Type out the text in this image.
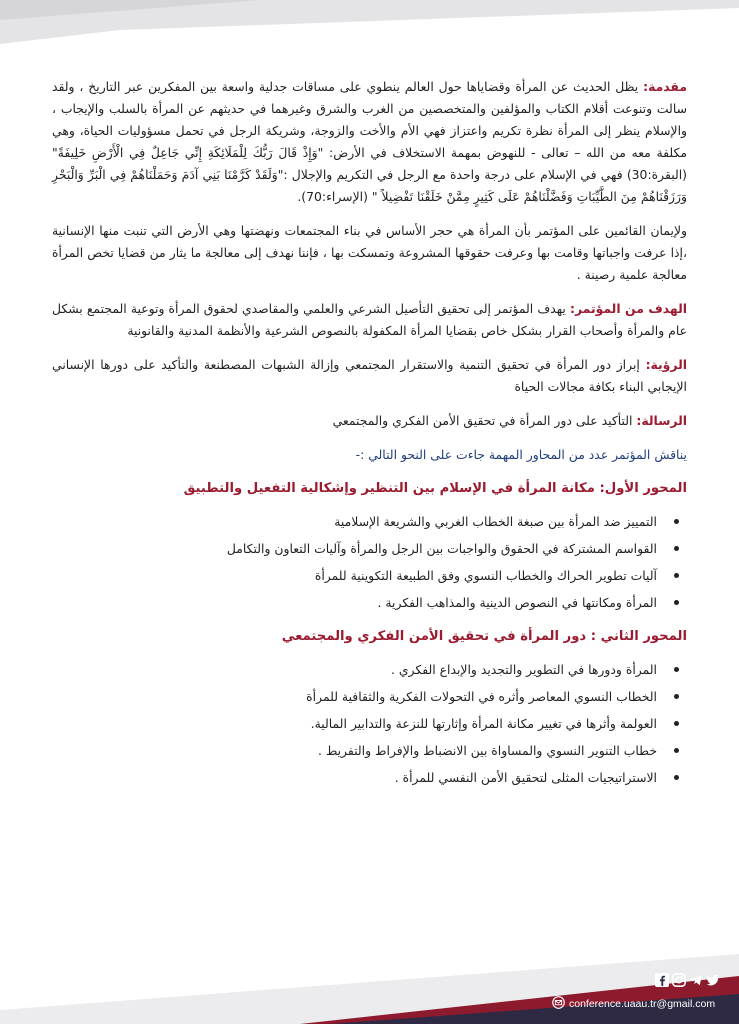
مقدمة: يظل الحديث عن المرأة وقضاياها حول العالم ينطوي على مساقات جدلية واسعة بين المفكرين عبر التاريخ ، ولقد سالت وتنوعت أقلام الكتاب والمؤلفين والمتخصصين من الغرب والشرق وغيرهما في حديثهم عن المرأة بالسلب والإيجاب ، والإسلام ينظر إلى المرأة نظرة تكريم واعتزاز فهي الأم والأخت والزوجة، وشريكة الرجل في تحمل مسؤوليات الحياة، وهي مكلفة معه من الله – تعالى - للنهوض بمهمة الاستخلاف في الأرض: "وَإِذْ قَالَ رَبُّكَ لِلْمَلَائِكَةِ إِنِّي جَاعِلٌ فِي الْأَرْضِ خَلِيفَةً" (البقرة:30) فهي في الإسلام على درجة واحدة مع الرجل في التكريم والإجلال :"وَلَقَدْ كَرَّمْنَا بَنِي آدَمَ وَحَمَلْنَاهُمْ فِي الْبَرِّ وَالْبَحْرِ وَرَزَقْنَاهُمْ مِنَ الطَّيِّبَاتِ وَفَضَّلْنَاهُمْ عَلَى كَثِيرٍ مِمَّنْ خَلَقْنَا تَفْضِيلاً " (الإسراء:70).

ولإيمان القائمين على المؤتمر بأن المرأة هي حجر الأساس في بناء المجتمعات ونهضتها وهي الأرض التي تنبت منها الإنسانية ،إذا عرفت واجباتها وقامت بها وعرفت حقوقها المشروعة وتمسكت بها ، فإننا نهدف إلى معالجة ما يثار من قضايا تخص المرأة معالجة علمية رصينة .

الهدف من المؤتمر: يهدف المؤتمر إلى تحقيق التأصيل الشرعي والعلمي والمقاصدي لحقوق المرأة وتوعية المجتمع بشكل عام والمرأة وأصحاب القرار بشكل خاص بقضايا المرأة المكفولة بالنصوص الشرعية والأنظمة المدنية والقانونية

الرؤية: إبراز دور المرأة في تحقيق التنمية والاستقرار المجتمعي وإزالة الشبهات المصطنعة والتأكيد على دورها الإنساني الإيجابي البناء بكافة مجالات الحياة

الرسالة: التأكيد على دور المرأة في تحقيق الأمن الفكري والمجتمعي

يناقش المؤتمر عدد من المحاور المهمة جاءت على النحو التالي :-

المحور الأول: مكانة المرأة في الإسلام بين التنظير وإشكالية التفعيل والتطبيق
التمييز ضد المرأة بين صبغة الخطاب الغربي والشريعة الإسلامية
القواسم المشتركة في الحقوق والواجبات بين الرجل والمرأة وآليات التعاون والتكامل
آليات تطوير الحراك والخطاب النسوي وفق الطبيعة التكوينية للمرأة
المرأة ومكانتها في النصوص الدينية والمذاهب الفكرية .
المحور الثاني : دور المرأة في تحقيق الأمن الفكري والمجتمعي
المرأة ودورها في التطوير والتجديد والإبداع الفكري .
الخطاب النسوي المعاصر وأثره في التحولات الفكرية والثقافية للمرأة
العولمة وأثرها في تغيير مكانة المرأة وإثارتها للنزعة والتدابير المالية.
خطاب التنوير النسوي والمساواة بين الانضباط والإفراط والتفريط .
الاستراتيجيات المثلى لتحقيق الأمن النفسي للمرأة .
conference.uaau.tr@gmail.com
